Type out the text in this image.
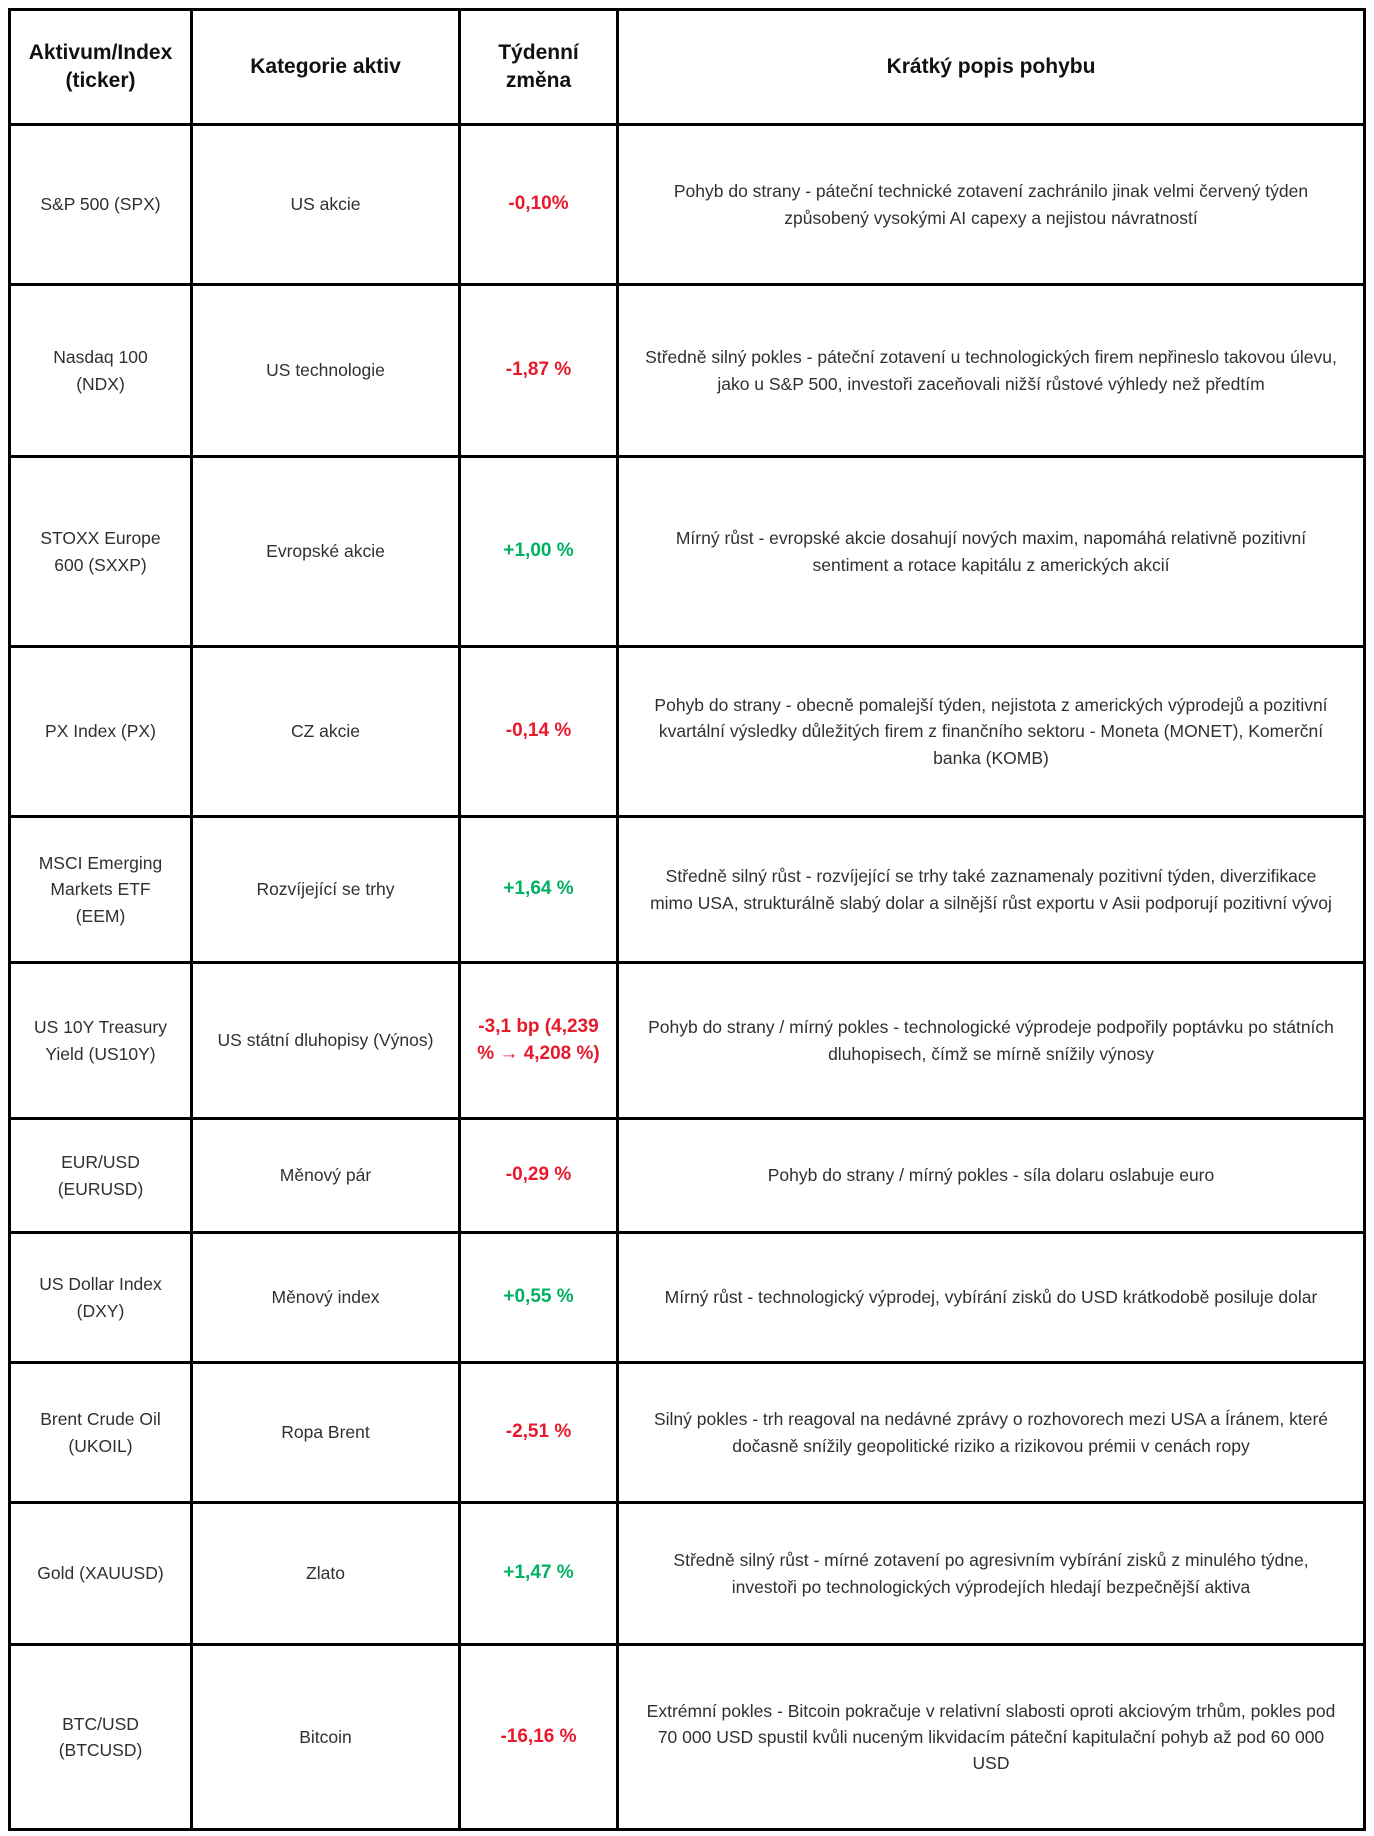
Aktivum/Index (ticker)	Kategorie aktiv	Týdenní změna	Krátký popis pohybu
S&P 500 (SPX)	US akcie	-0,10%	Pohyb do strany - páteční technické zotavení zachránilo jinak velmi červený týden způsobený vysokými AI capexy a nejistou návratností
Nasdaq 100 (NDX)	US technologie	-1,87 %	Středně silný pokles - páteční zotavení u technologických firem nepřineslo takovou úlevu, jako u S&P 500, investoři zaceňovali nižší růstové výhledy než předtím
STOXX Europe 600 (SXXP)	Evropské akcie	+1,00 %	Mírný růst - evropské akcie dosahují nových maxim, napomáhá relativně pozitivní sentiment a rotace kapitálu z amerických akcií
PX Index (PX)	CZ akcie	-0,14 %	Pohyb do strany - obecně pomalejší týden, nejistota z amerických výprodejů a pozitivní kvartální výsledky důležitých firem z finančního sektoru - Moneta (MONET), Komerční banka (KOMB)
MSCI Emerging Markets ETF (EEM)	Rozvíjející se trhy	+1,64 %	Středně silný růst - rozvíjející se trhy také zaznamenaly pozitivní týden, diverzifikace mimo USA, strukturálně slabý dolar a silnější růst exportu v Asii podporují pozitivní vývoj
US 10Y Treasury Yield (US10Y)	US státní dluhopisy (Výnos)	-3,1 bp (4,239 % → 4,208 %)	Pohyb do strany / mírný pokles - technologické výprodeje podpořily poptávku po státních dluhopisech, čímž se mírně snížily výnosy
EUR/USD (EURUSD)	Měnový pár	-0,29 %	Pohyb do strany / mírný pokles - síla dolaru oslabuje euro
US Dollar Index (DXY)	Měnový index	+0,55 %	Mírný růst - technologický výprodej, vybírání zisků do USD krátkodobě posiluje dolar
Brent Crude Oil (UKOIL)	Ropa Brent	-2,51 %	Silný pokles - trh reagoval na nedávné zprávy o rozhovorech mezi USA a Íránem, které dočasně snížily geopolitické riziko a rizikovou prémii v cenách ropy
Gold (XAUUSD)	Zlato	+1,47 %	Středně silný růst - mírné zotavení po agresivním vybírání zisků z minulého týdne, investoři po technologických výprodejích hledají bezpečnější aktiva
BTC/USD (BTCUSD)	Bitcoin	-16,16 %	Extrémní pokles - Bitcoin pokračuje v relativní slabosti oproti akciovým trhům, pokles pod 70 000 USD spustil kvůli nuceným likvidacím páteční kapitulační pohyb až pod 60 000 USD
